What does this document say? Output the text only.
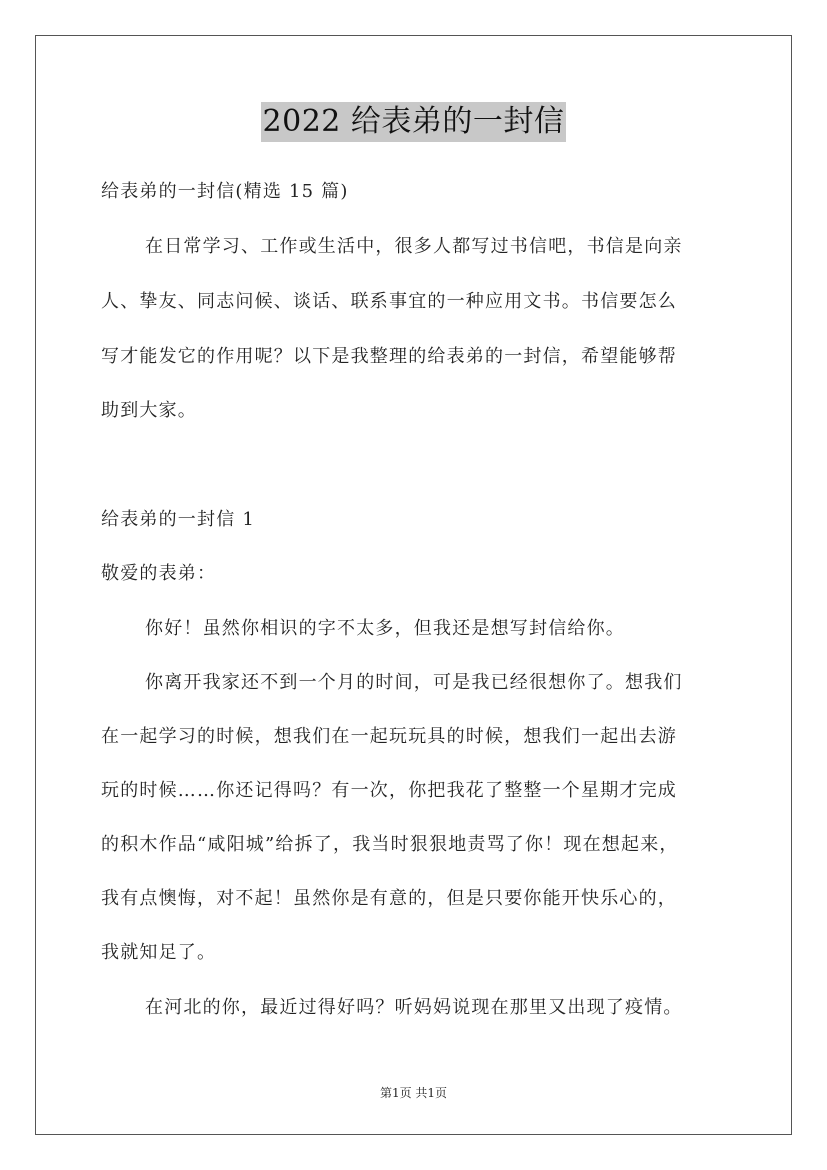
2022 给表弟的一封信
给表弟的一封信(精选 15 篇)
在日常学习、工作或生活中，很多人都写过书信吧，书信是向亲
人、挚友、同志问候、谈话、联系事宜的一种应用文书。书信要怎么
写才能发它的作用呢？以下是我整理的给表弟的一封信，希望能够帮
助到大家。
给表弟的一封信 1
敬爱的表弟：
你好！虽然你相识的字不太多，但我还是想写封信给你。
你离开我家还不到一个月的时间，可是我已经很想你了。想我们
在一起学习的时候，想我们在一起玩玩具的时候，想我们一起出去游
玩的时候……你还记得吗？有一次，你把我花了整整一个星期才完成
的积木作品“咸阳城”给拆了，我当时狠狠地责骂了你！现在想起来，
我有点懊悔，对不起！虽然你是有意的，但是只要你能开快乐心的，
我就知足了。
在河北的你，最近过得好吗？听妈妈说现在那里又出现了疫情。
第1页 共1页
